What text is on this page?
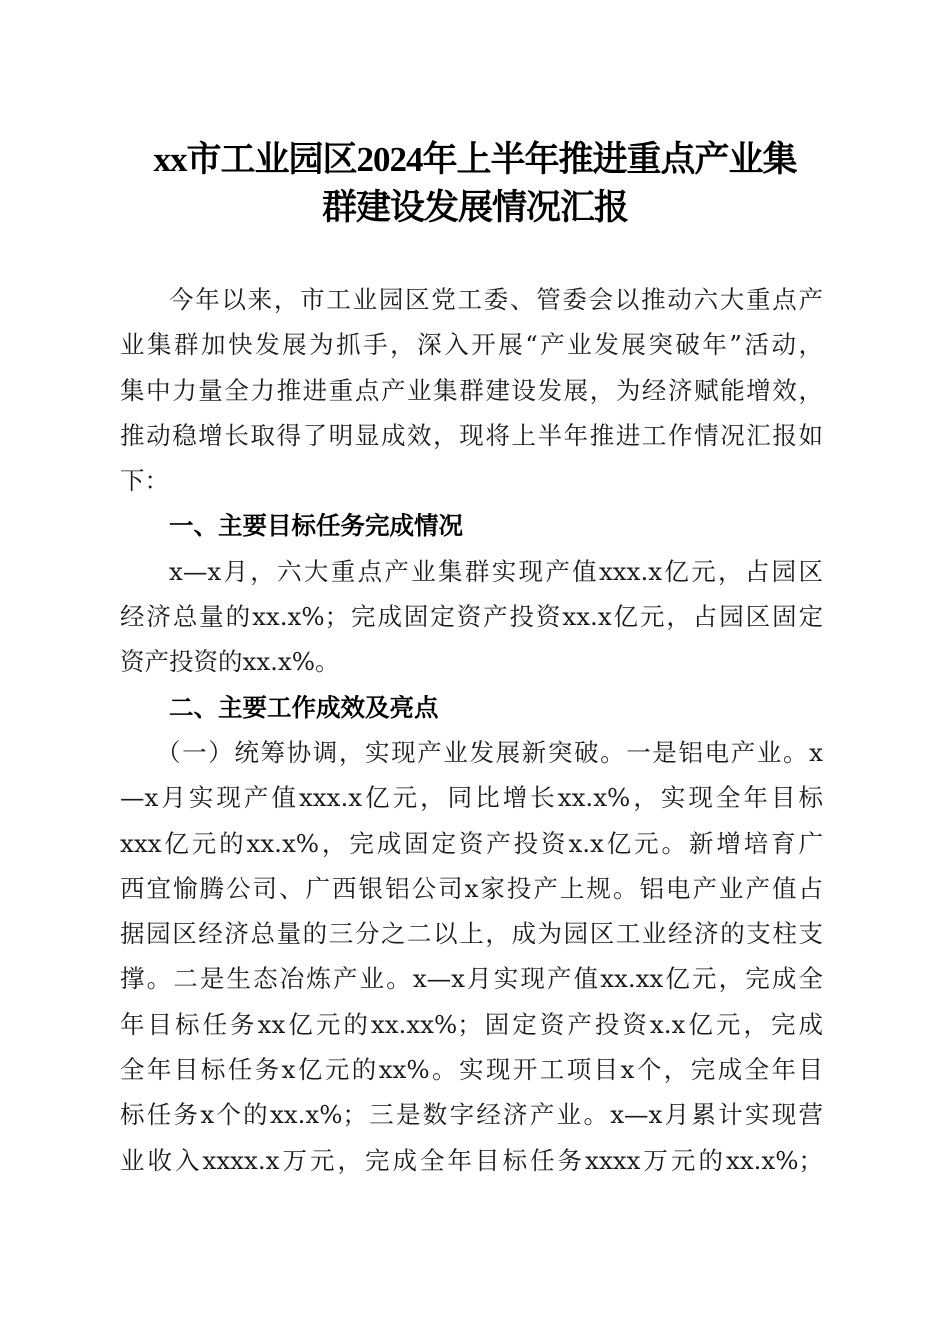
xx市工业园区2024年上半年推进重点产业集
群建设发展情况汇报
今年以来，市工业园区党工委、管委会以推动六大重点产
业集群加快发展为抓手，深入开展“产业发展突破年”活动，
集中力量全力推进重点产业集群建设发展，为经济赋能增效，
推动稳增长取得了明显成效，现将上半年推进工作情况汇报如
下：
一、主要目标任务完成情况
x—x月，六大重点产业集群实现产值xxx.x亿元，占园区
经济总量的xx.x%；完成固定资产投资xx.x亿元，占园区固定
资产投资的xx.x%。
二、主要工作成效及亮点
（一）统筹协调，实现产业发展新突破。一是铝电产业。x
—x月实现产值xxx.x亿元，同比增长xx.x%，实现全年目标
xxx亿元的xx.x%，完成固定资产投资x.x亿元。新增培育广
西宜愉腾公司、广西银铝公司x家投产上规。铝电产业产值占
据园区经济总量的三分之二以上，成为园区工业经济的支柱支
撑。二是生态冶炼产业。x—x月实现产值xx.xx亿元，完成全
年目标任务xx亿元的xx.xx%；固定资产投资x.x亿元，完成
全年目标任务x亿元的xx%。实现开工项目x个，完成全年目
标任务x个的xx.x%；三是数字经济产业。x—x月累计实现营
业收入xxxx.x万元，完成全年目标任务xxxx万元的xx.x%；
